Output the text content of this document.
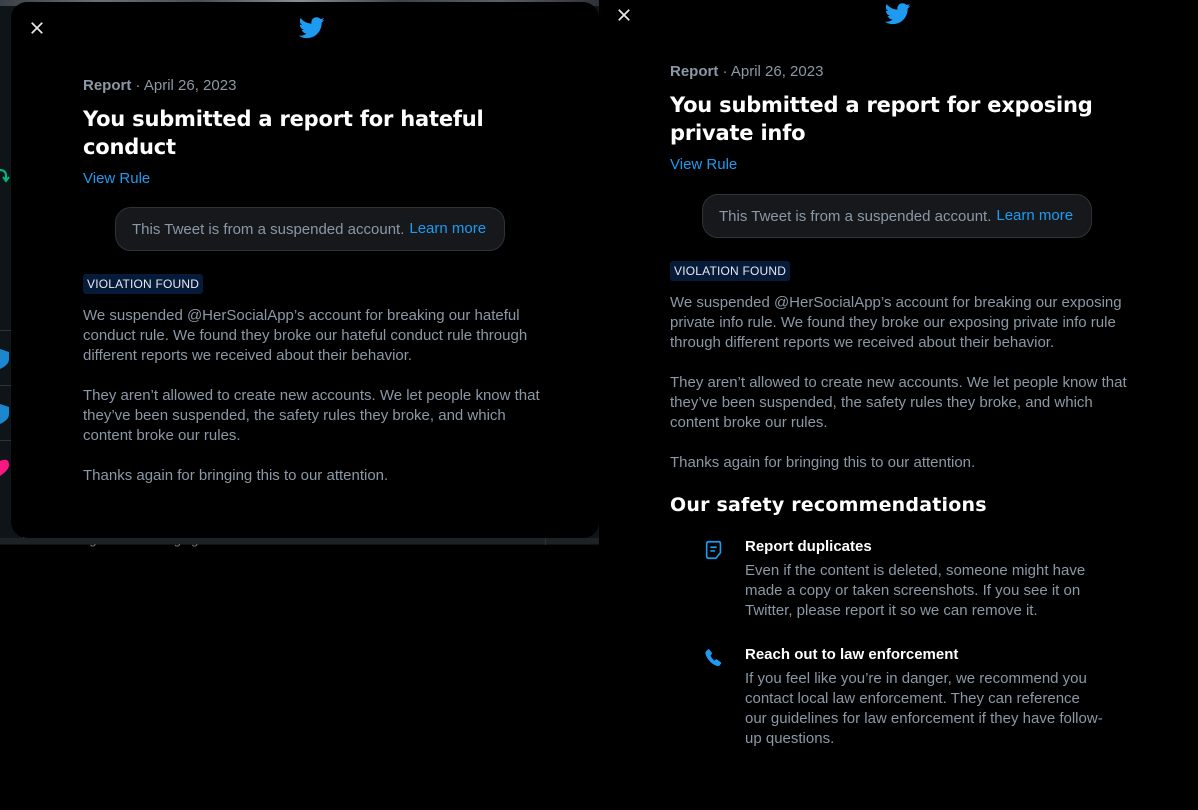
Report · April 26, 2023
You submitted a report for hateful conduct
View Rule
This Tweet is from a suspended account. Learn more
VIOLATION FOUND
We suspended @HerSocialApp’s account for breaking our hateful conduct rule. We found they broke our hateful conduct rule through different reports we received about their behavior.
They aren’t allowed to create new accounts. We let people know that they’ve been suspended, the safety rules they broke, and which content broke our rules.
Thanks again for bringing this to our attention.
Report · April 26, 2023
You submitted a report for exposing private info
View Rule
This Tweet is from a suspended account. Learn more
VIOLATION FOUND
We suspended @HerSocialApp’s account for breaking our exposing private info rule. We found they broke our exposing private info rule through different reports we received about their behavior.
They aren’t allowed to create new accounts. We let people know that they’ve been suspended, the safety rules they broke, and which content broke our rules.
Thanks again for bringing this to our attention.
Our safety recommendations
Report duplicates
Even if the content is deleted, someone might have made a copy or taken screenshots. If you see it on Twitter, please report it so we can remove it.
Reach out to law enforcement
If you feel like you’re in danger, we recommend you contact local law enforcement. They can reference our guidelines for law enforcement if they have follow-up questions.
